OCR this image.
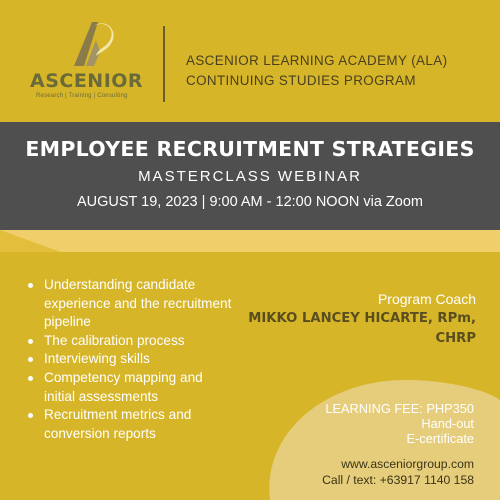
ASCENIOR
Research | Training | Consulting
ASCENIOR LEARNING ACADEMY (ALA)
CONTINUING STUDIES PROGRAM
EMPLOYEE RECRUITMENT STRATEGIES
MASTERCLASS WEBINAR
AUGUST 19, 2023 | 9:00 AM - 12:00 NOON via Zoom
Understanding candidate experience and the recruitment pipeline
The calibration process
Interviewing skills
Competency mapping and initial assessments
Recruitment metrics and conversion reports
Program Coach
MIKKO LANCEY HICARTE, RPm, CHRP
LEARNING FEE: PHP350
Hand-out
E-certificate
www.asceniorgroup.com
Call / text: +63917 1140 158
